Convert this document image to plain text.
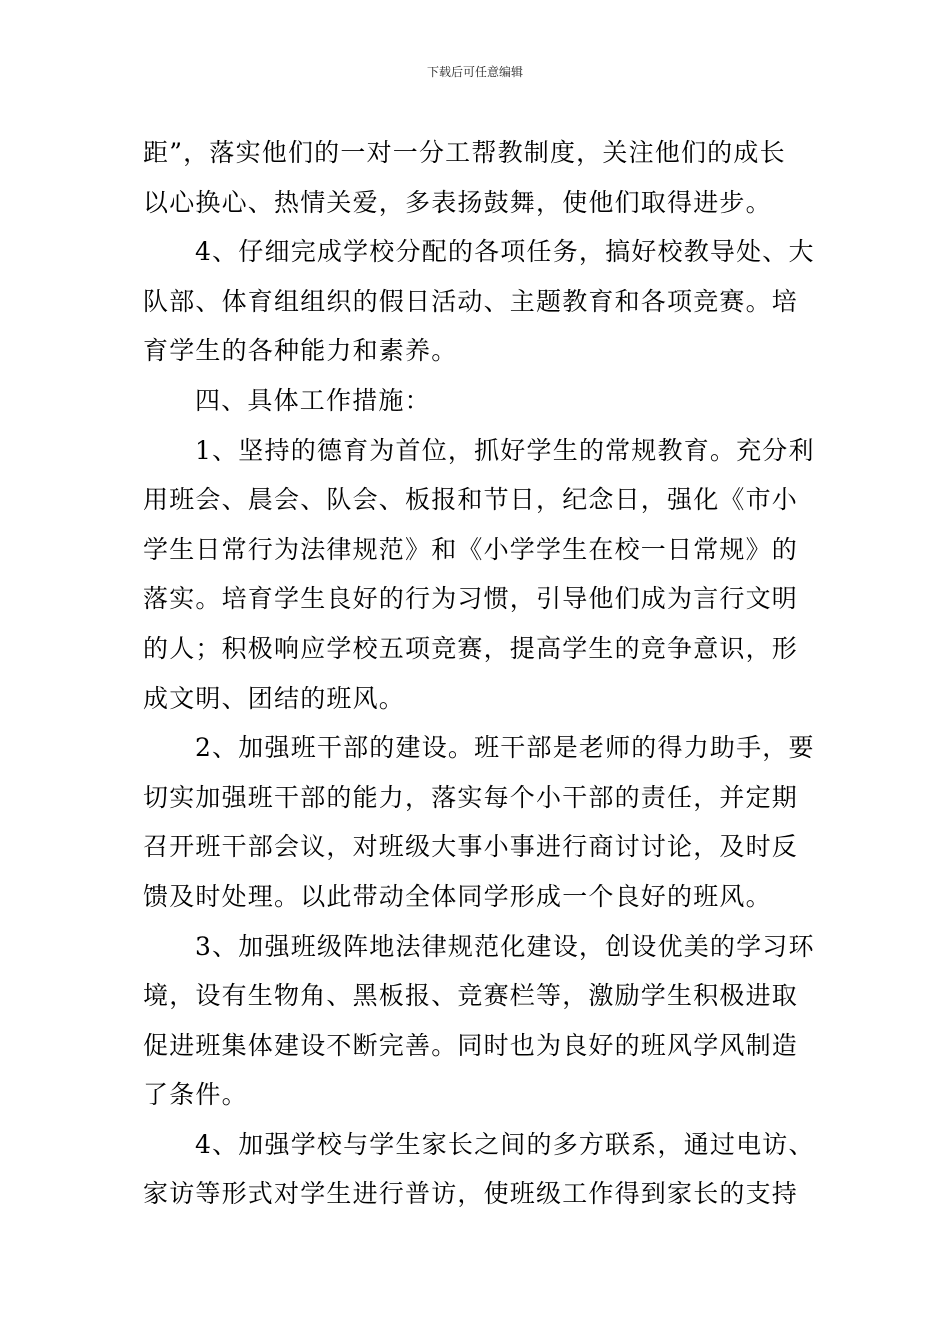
下载后可任意编辑
距”，落实他们的一对一分工帮教制度，关注他们的成长
以心换心、热情关爱，多表扬鼓舞，使他们取得进步。
4、仔细完成学校分配的各项任务，搞好校教导处、大
队部、体育组组织的假日活动、主题教育和各项竞赛。培
育学生的各种能力和素养。
四、具体工作措施：
1、坚持的德育为首位，抓好学生的常规教育。充分利
用班会、晨会、队会、板报和节日，纪念日，强化《市小
学生日常行为法律规范》和《小学学生在校一日常规》的
落实。培育学生良好的行为习惯，引导他们成为言行文明
的人；积极响应学校五项竞赛，提高学生的竞争意识，形
成文明、团结的班风。
2、加强班干部的建设。班干部是老师的得力助手，要
切实加强班干部的能力，落实每个小干部的责任，并定期
召开班干部会议，对班级大事小事进行商讨讨论，及时反
馈及时处理。以此带动全体同学形成一个良好的班风。
3、加强班级阵地法律规范化建设，创设优美的学习环
境，设有生物角、黑板报、竞赛栏等，激励学生积极进取
促进班集体建设不断完善。同时也为良好的班风学风制造
了条件。
4、加强学校与学生家长之间的多方联系，通过电访、
家访等形式对学生进行普访，使班级工作得到家长的支持
